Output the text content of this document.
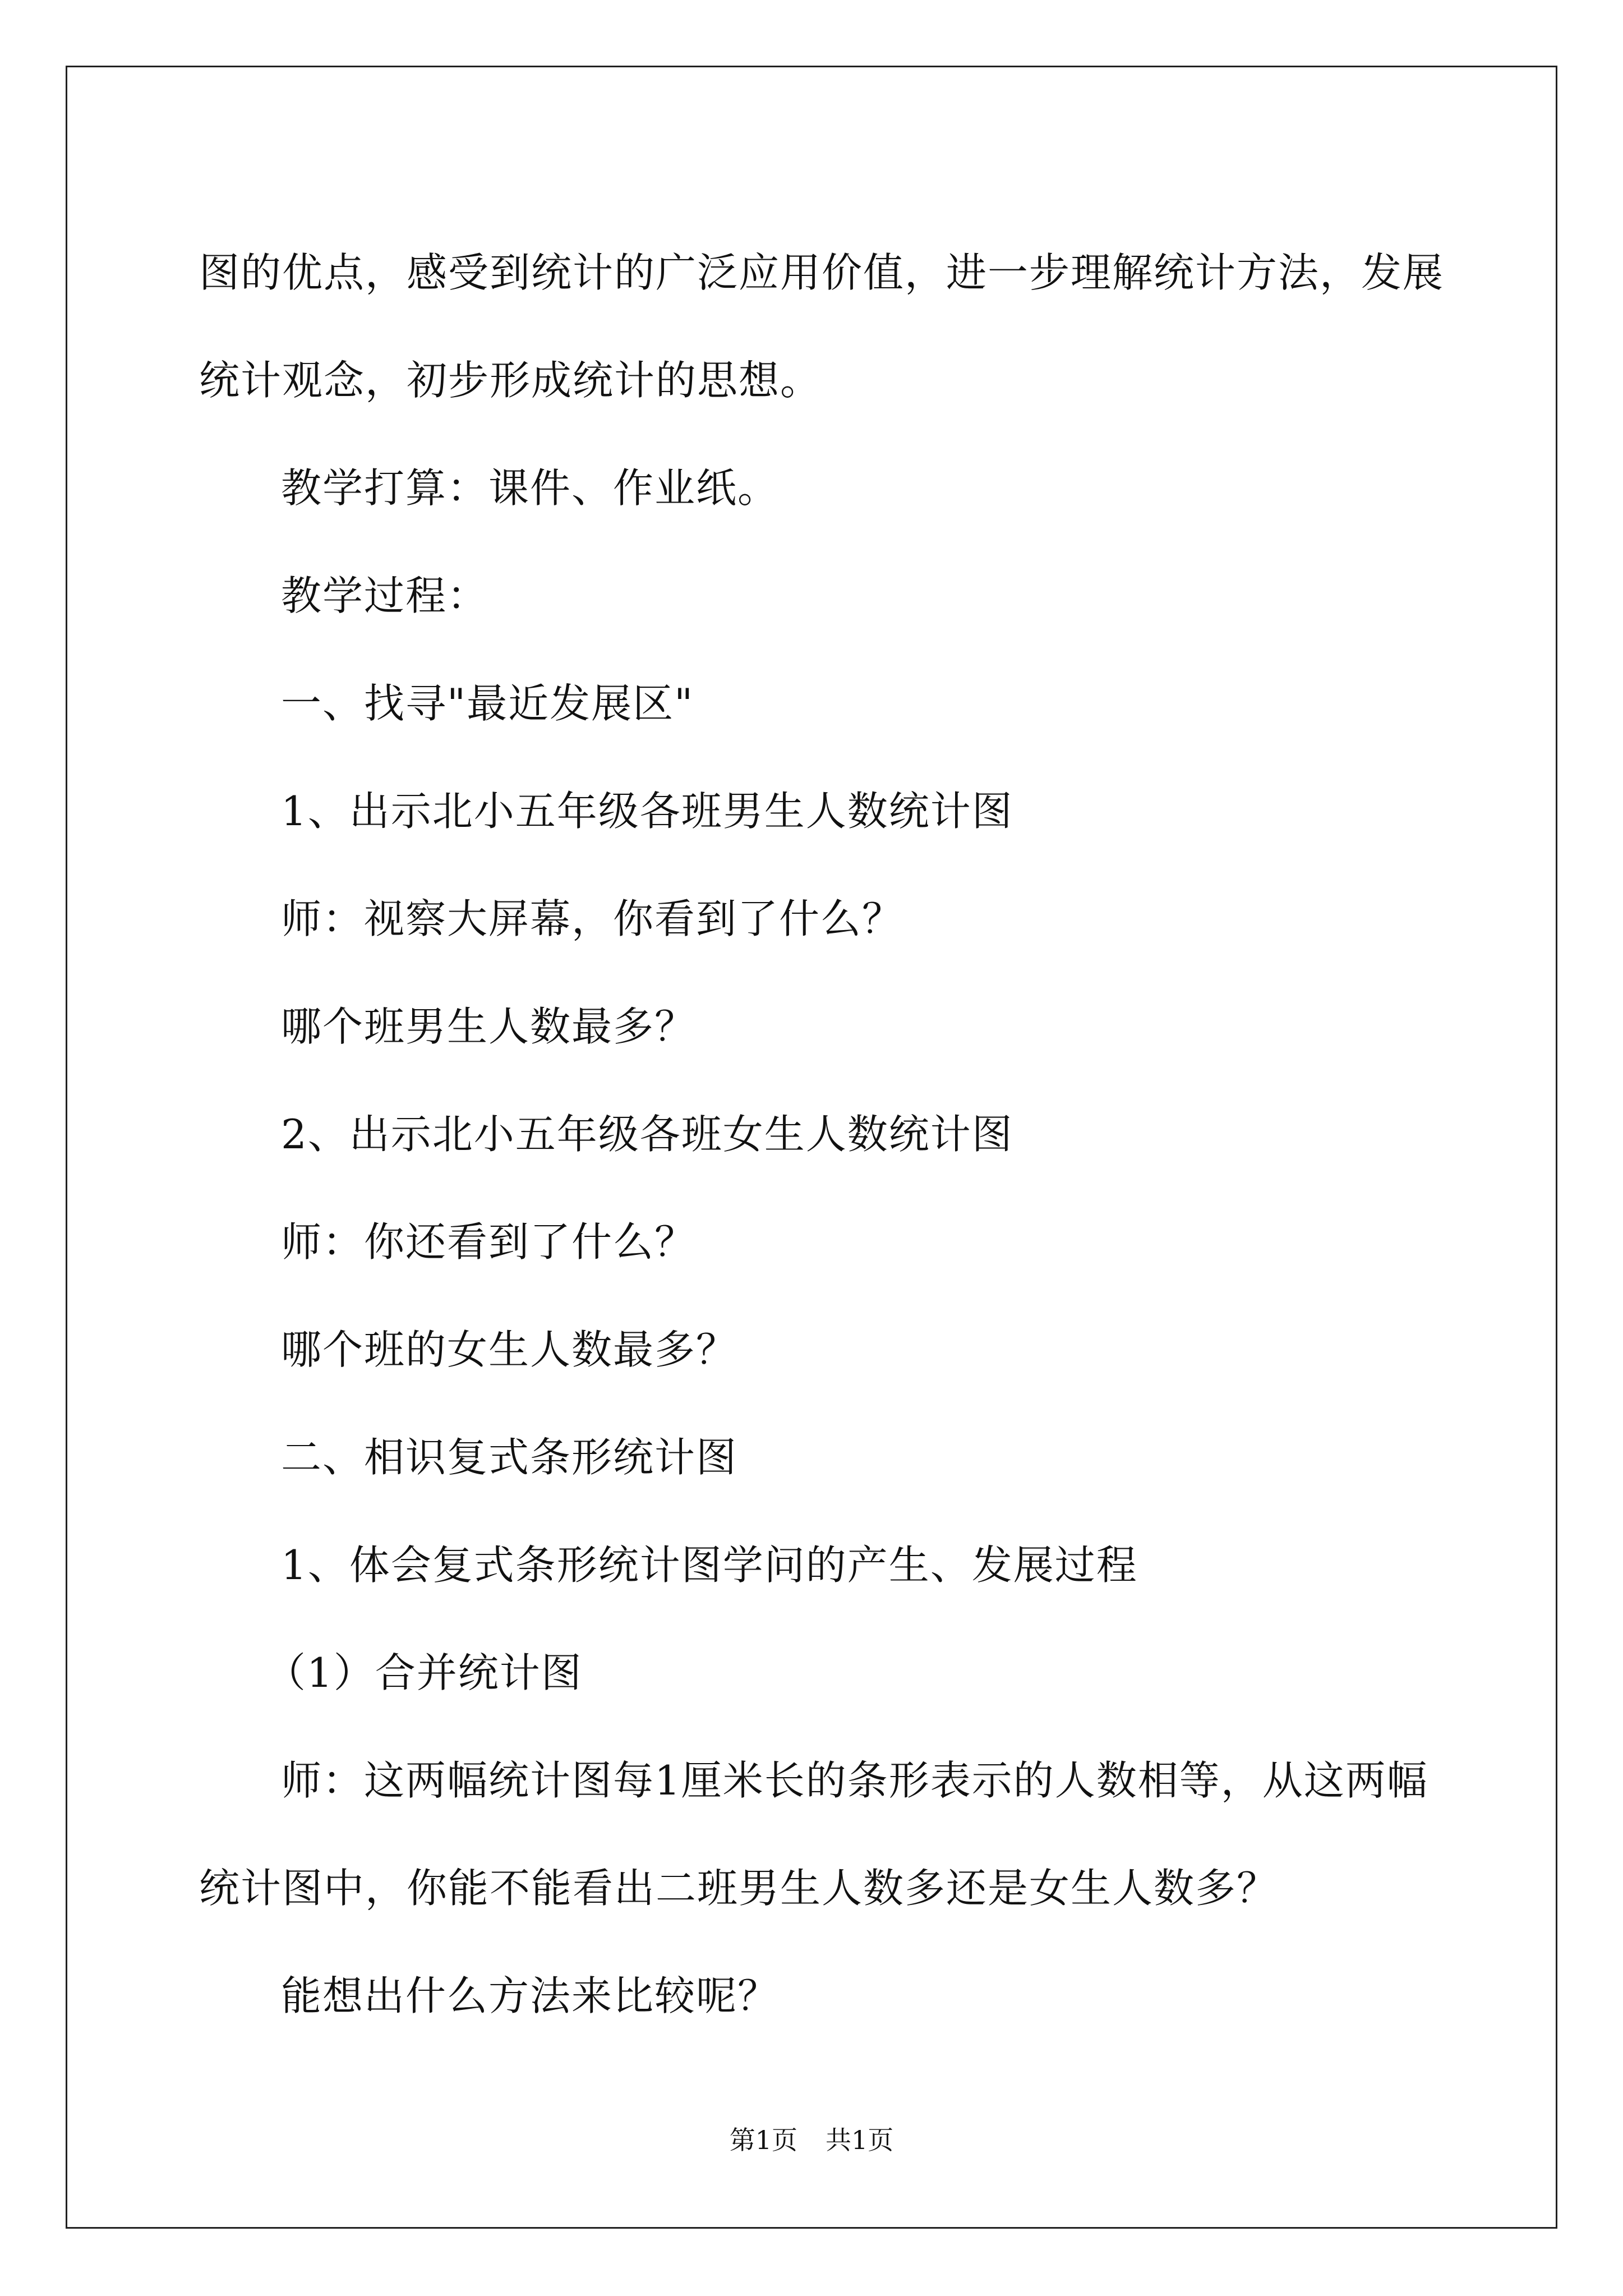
图的优点，感受到统计的广泛应用价值，进一步理解统计方法，发展

统计观念，初步形成统计的思想。

教学打算：课件、作业纸。

教学过程：

一、找寻"最近发展区"

1、出示北小五年级各班男生人数统计图

师：视察大屏幕，你看到了什么？

哪个班男生人数最多？

2、出示北小五年级各班女生人数统计图

师：你还看到了什么？

哪个班的女生人数最多？

二、相识复式条形统计图

1、体会复式条形统计图学问的产生、发展过程

（1）合并统计图

师：这两幅统计图每1厘米长的条形表示的人数相等，从这两幅

统计图中，你能不能看出二班男生人数多还是女生人数多？

能想出什么方法来比较呢？

第1页 共1页
